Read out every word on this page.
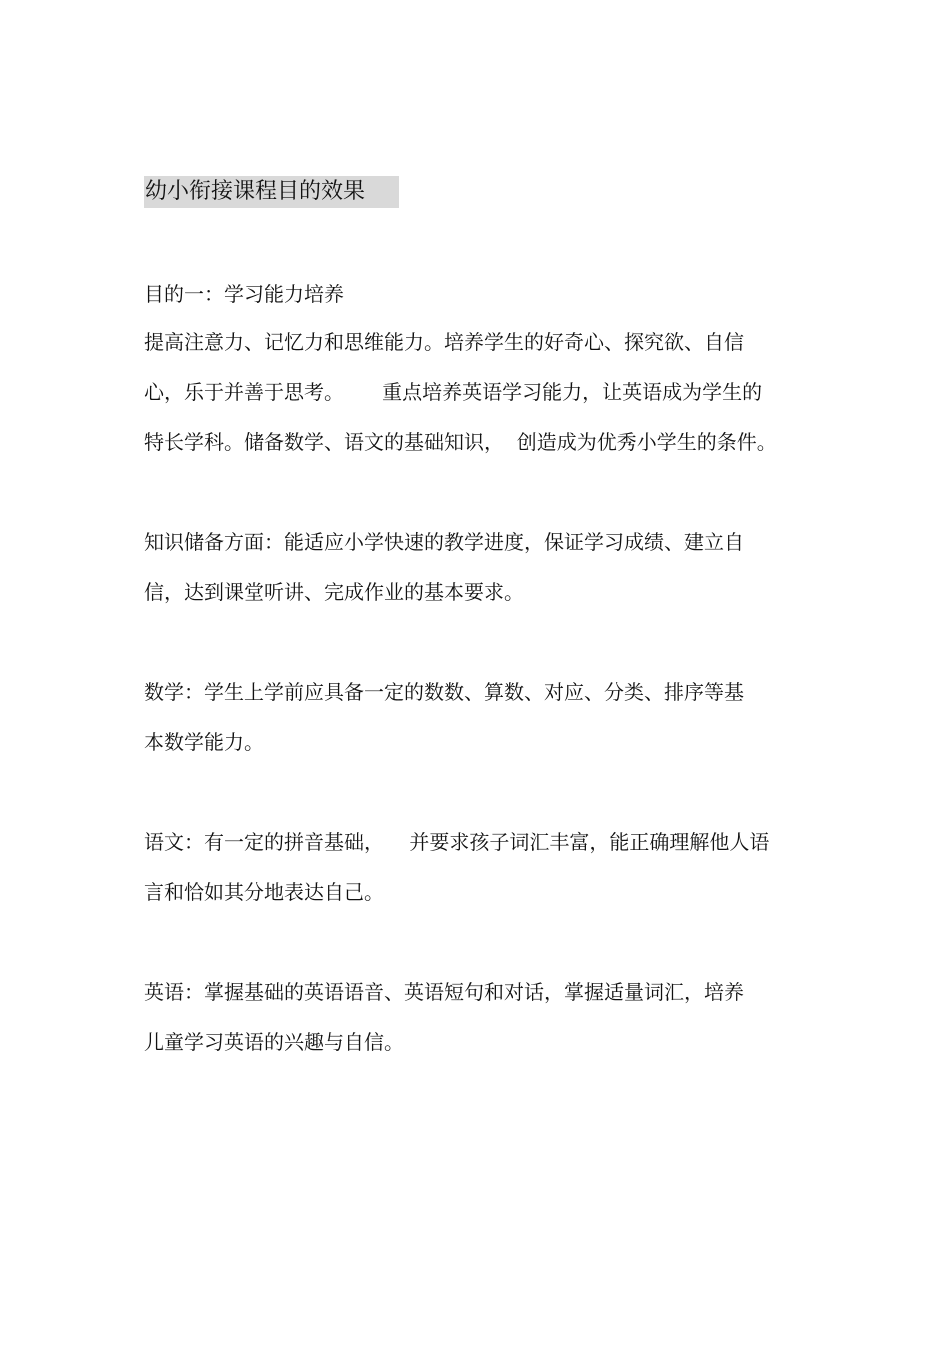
幼小衔接课程目的效果
目的一：学习能力培养
提高注意力、记忆力和思维能力。培养学生的好奇心、探究欲、自信
心，乐于并善于思考。      重点培养英语学习能力，让英语成为学生的
特长学科。储备数学、语文的基础知识，  创造成为优秀小学生的条件。
知识储备方面：能适应小学快速的教学进度，保证学习成绩、建立自
信，达到课堂听讲、完成作业的基本要求。
数学：学生上学前应具备一定的数数、算数、对应、分类、排序等基
本数学能力。
语文：有一定的拼音基础，    并要求孩子词汇丰富，能正确理解他人语
言和恰如其分地表达自己。
英语：掌握基础的英语语音、英语短句和对话，掌握适量词汇，培养
儿童学习英语的兴趣与自信。
